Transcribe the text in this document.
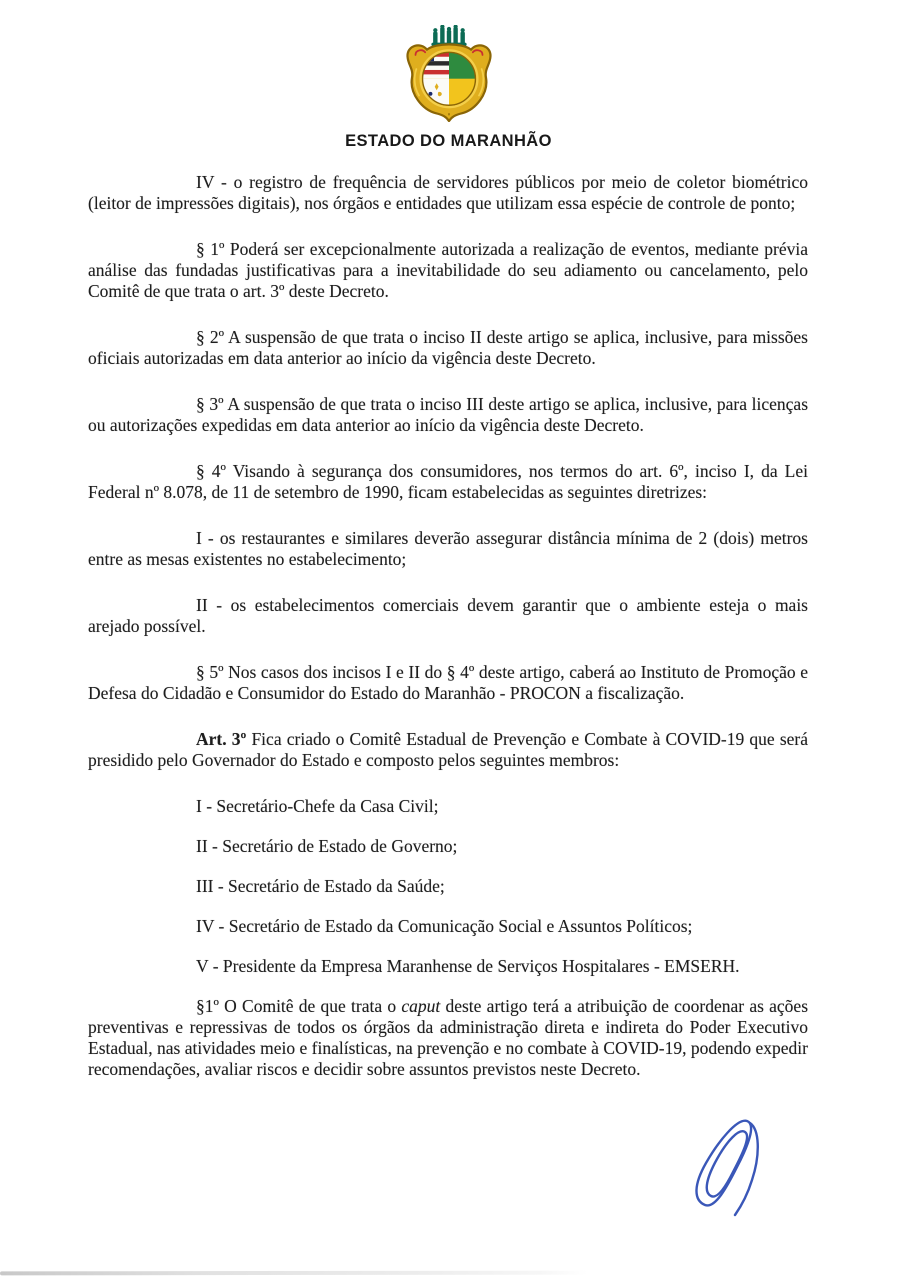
ESTADO DO MARANHÃO

IV - o registro de frequência de servidores públicos por meio de coletor biométrico (leitor de impressões digitais), nos órgãos e entidades que utilizam essa espécie de controle de ponto;

§ 1º Poderá ser excepcionalmente autorizada a realização de eventos, mediante prévia análise das fundadas justificativas para a inevitabilidade do seu adiamento ou cancelamento, pelo Comitê de que trata o art. 3º deste Decreto.

§ 2º A suspensão de que trata o inciso II deste artigo se aplica, inclusive, para missões oficiais autorizadas em data anterior ao início da vigência deste Decreto.

§ 3º A suspensão de que trata o inciso III deste artigo se aplica, inclusive, para licenças ou autorizações expedidas em data anterior ao início da vigência deste Decreto.

§ 4º Visando à segurança dos consumidores, nos termos do art. 6º, inciso I, da Lei Federal nº 8.078, de 11 de setembro de 1990, ficam estabelecidas as seguintes diretrizes:

I - os restaurantes e similares deverão assegurar distância mínima de 2 (dois) metros entre as mesas existentes no estabelecimento;

II - os estabelecimentos comerciais devem garantir que o ambiente esteja o mais arejado possível.

§ 5º Nos casos dos incisos I e II do § 4º deste artigo, caberá ao Instituto de Promoção e Defesa do Cidadão e Consumidor do Estado do Maranhão - PROCON a fiscalização.

Art. 3º Fica criado o Comitê Estadual de Prevenção e Combate à COVID-19 que será presidido pelo Governador do Estado e composto pelos seguintes membros:

I - Secretário-Chefe da Casa Civil;

II - Secretário de Estado de Governo;

III - Secretário de Estado da Saúde;

IV - Secretário de Estado da Comunicação Social e Assuntos Políticos;

V - Presidente da Empresa Maranhense de Serviços Hospitalares - EMSERH.

§1º O Comitê de que trata o caput deste artigo terá a atribuição de coordenar as ações preventivas e repressivas de todos os órgãos da administração direta e indireta do Poder Executivo Estadual, nas atividades meio e finalísticas, na prevenção e no combate à COVID-19, podendo expedir recomendações, avaliar riscos e decidir sobre assuntos previstos neste Decreto.
